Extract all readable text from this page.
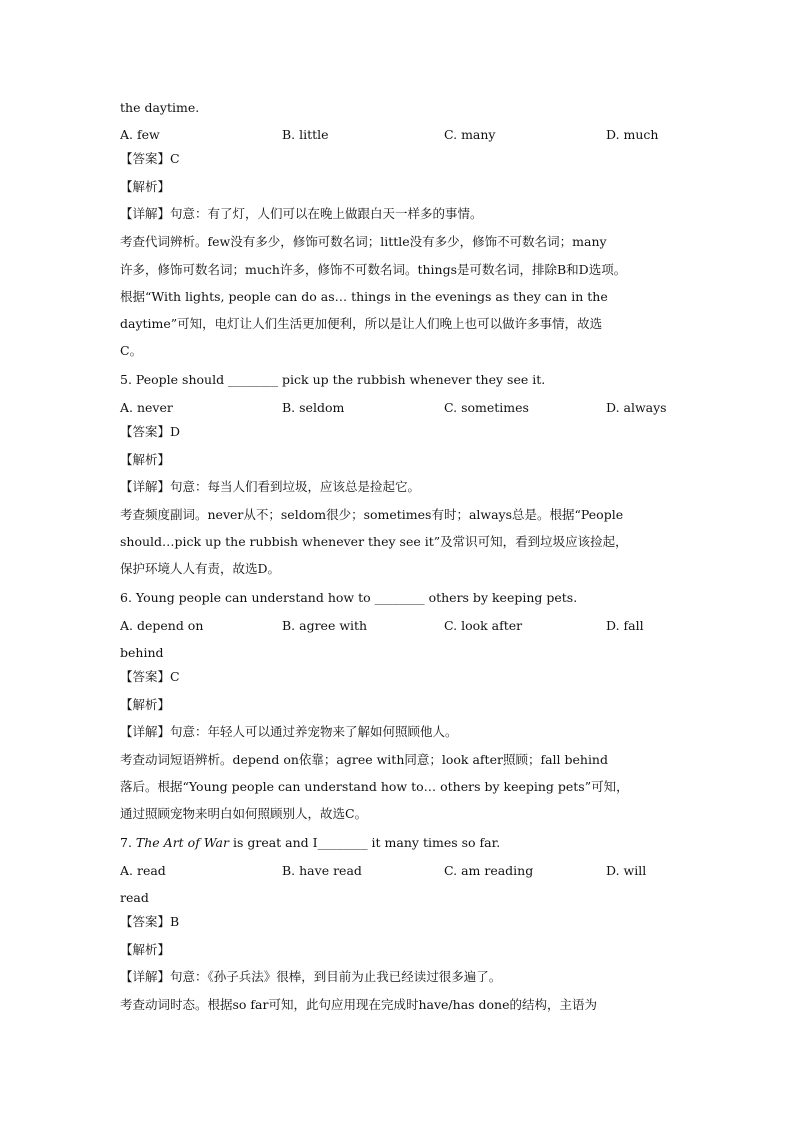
the daytime.
A. few	B. little	C. many	D. much
【答案】C
【解析】
【详解】句意：有了灯，人们可以在晚上做跟白天一样多的事情。
考查代词辨析。few没有多少，修饰可数名词；little没有多少，修饰不可数名词；many
许多，修饰可数名词；much许多，修饰不可数名词。things是可数名词，排除B和D选项。
根据“With lights, people can do as… things in the evenings as they can in the
daytime”可知，电灯让人们生活更加便利，所以是让人们晚上也可以做许多事情，故选
C。
5. People should ________ pick up the rubbish whenever they see it.
A. never	B. seldom	C. sometimes	D. always
【答案】D
【解析】
【详解】句意：每当人们看到垃圾，应该总是捡起它。
考查频度副词。never从不；seldom很少；sometimes有时；always总是。根据“People
should…pick up the rubbish whenever they see it”及常识可知，看到垃圾应该捡起，
保护环境人人有责，故选D。
6. Young people can understand how to ________ others by keeping pets.
A. depend on	B. agree with	C. look after	D. fall
behind
【答案】C
【解析】
【详解】句意：年轻人可以通过养宠物来了解如何照顾他人。
考查动词短语辨析。depend on依靠；agree with同意；look after照顾；fall behind
落后。根据“Young people can understand how to… others by keeping pets”可知，
通过照顾宠物来明白如何照顾别人，故选C。
7. The Art of War is great and I________ it many times so far.
A. read	B. have read	C. am reading	D. will
read
【答案】B
【解析】
【详解】句意：《孙子兵法》很棒，到目前为止我已经读过很多遍了。
考查动词时态。根据so far可知，此句应用现在完成时have/has done的结构，主语为
